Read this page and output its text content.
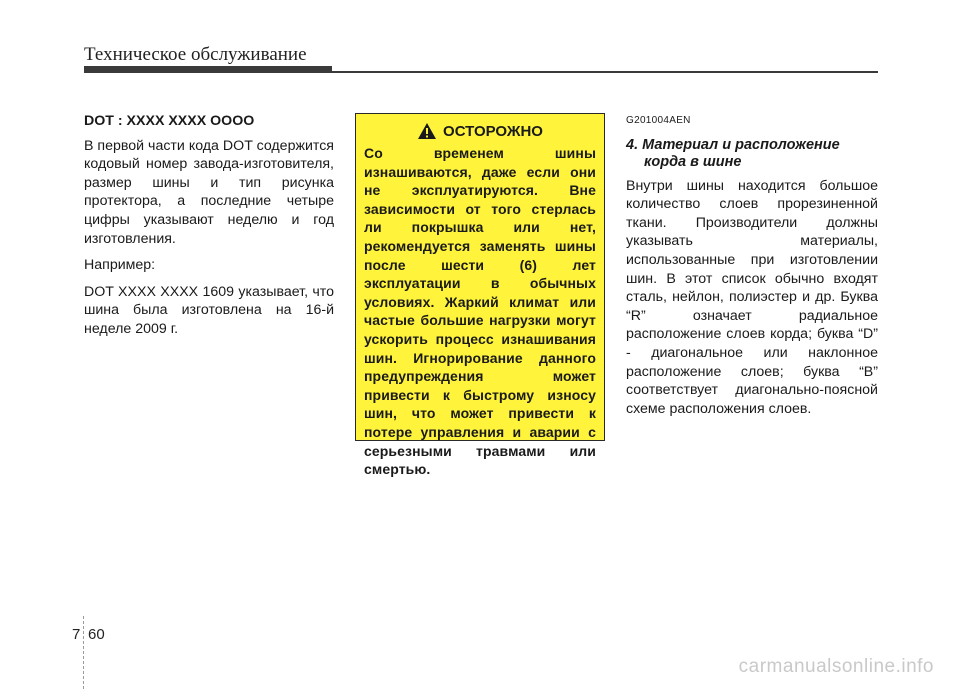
Техническое обслуживание

DOT : XXXX XXXX OOOO

В первой части кода DOT содержится кодовый номер завода-изготовителя, размер шины и тип рисунка протектора, а последние четыре цифры указывают неделю и год изготовления.

Например:

DOT XXXX XXXX 1609 указывает, что шина была изготовлена на 16-й неделе 2009 г.

ОСТОРОЖНО

Со временем шины изнашиваются, даже если они не эксплуатируются. Вне зависимости от того стерлась ли покрышка или нет, рекомендуется заменять шины после шести (6) лет эксплуатации в обычных условиях. Жаркий климат или частые большие нагрузки могут ускорить процесс изнашивания шин. Игнорирование данного предупреждения может привести к быстрому износу шин, что может привести к потере управления и аварии с серьезными травмами или смертью.

G201004AEN

4. Материал и расположение корда в шине

Внутри шины находится большое количество слоев прорезиненной ткани. Производители должны указывать материалы, использованные при изготовлении шин. В этот список обычно входят сталь, нейлон, полиэстер и др. Буква “R” означает радиальное расположение слоев корда; буква “D” - диагональное или наклонное расположение слоев; буква “B” соответствует диагонально-поясной схеме расположения слоев.

7 60
carmanualsonline.info
